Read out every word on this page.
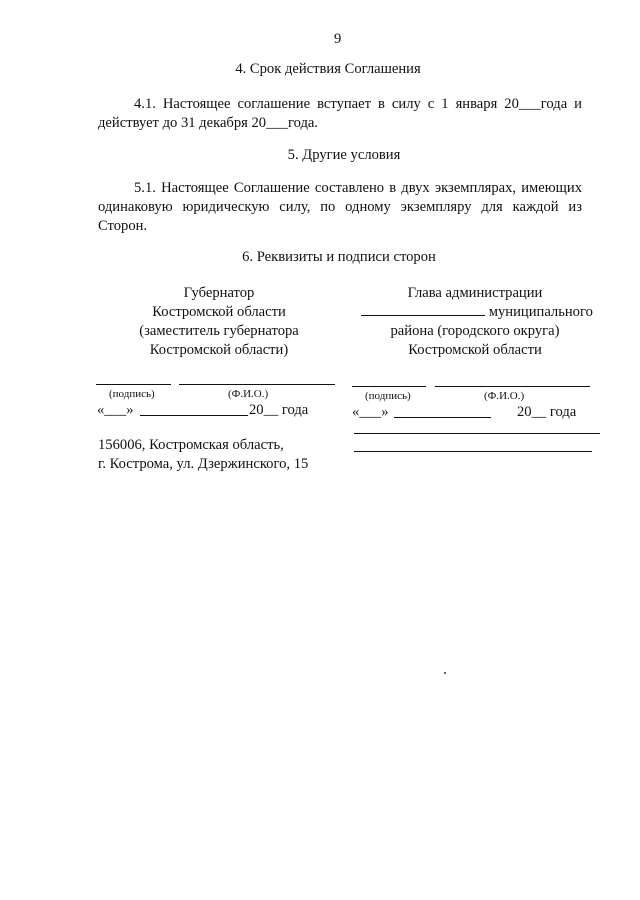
9
4. Срок действия Соглашения
4.1. Настоящее соглашение вступает в силу с 1 января 20___года и действует до 31 декабря 20___года.
5. Другие условия
5.1. Настоящее Соглашение составлено в двух экземплярах, имеющих одинаковую юридическую силу, по одному экземпляру для каждой из Сторон.
6. Реквизиты и подписи сторон
Губернатор
Костромской области
(заместитель губернатора
Костромской области)
Глава администрации
муниципального
района (городского округа)
Костромской области
(подпись)	(Ф.И.О.)
«___»	20__ года
(подпись)	(Ф.И.О.)
«___»	20__ года
156006, Костромская область,
г. Кострома, ул. Дзержинского, 15
